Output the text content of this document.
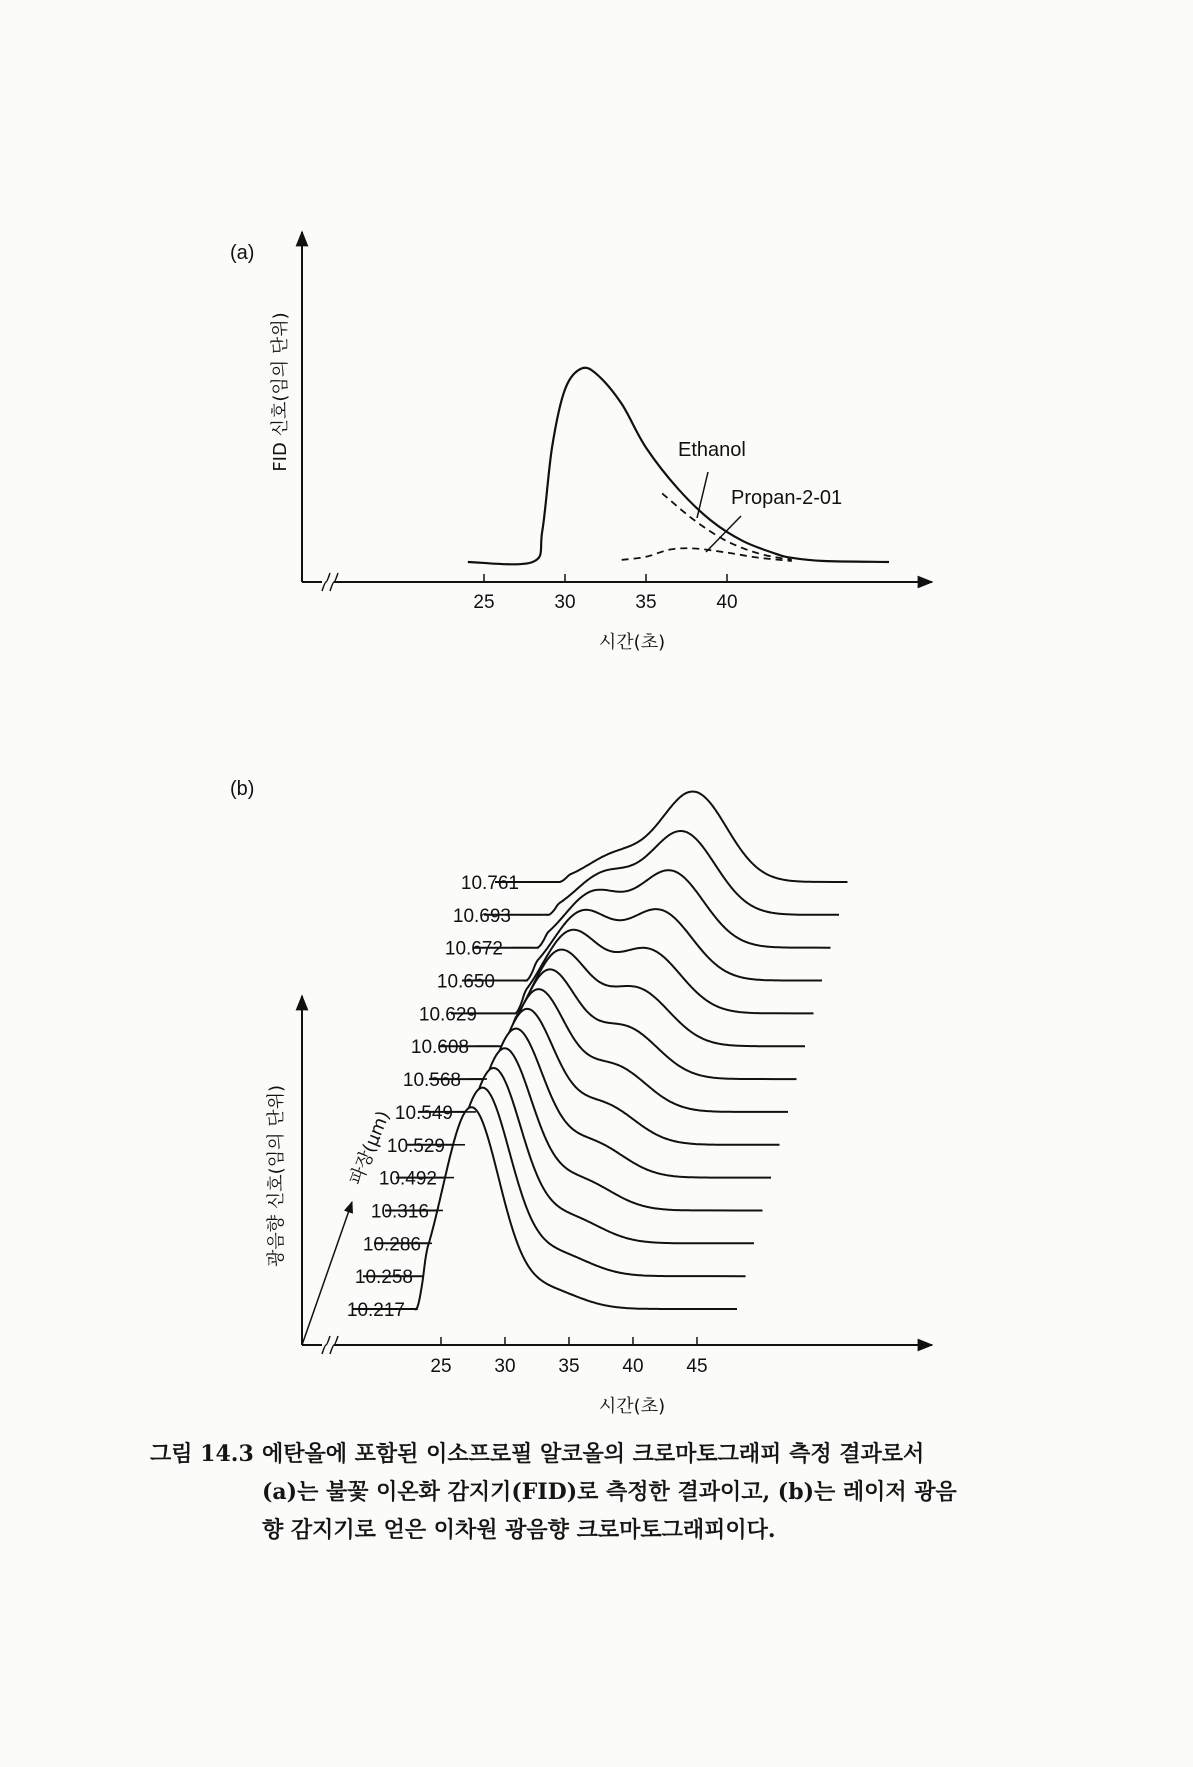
(a)
FID 신호(임의 단위)
25	30	35	40
Ethanol
Propan-2-01
시간(초)
(b)
광음향 신호(임의 단위)	파장(μm)
25 30 35 40 45
10.761
10.693
10.672
10.650
10.629
10.608
10.568
10.549
10.529
10.492
10.316
10.286
10.258
10.217
시간(초)
그림 14.3 에탄올에 포함된 이소프로필 알코올의 크로마토그래피 측정 결과로서
(a)는 불꽃 이온화 감지기(FID)로 측정한 결과이고, (b)는 레이저 광음
향 감지기로 얻은 이차원 광음향 크로마토그래피이다.
